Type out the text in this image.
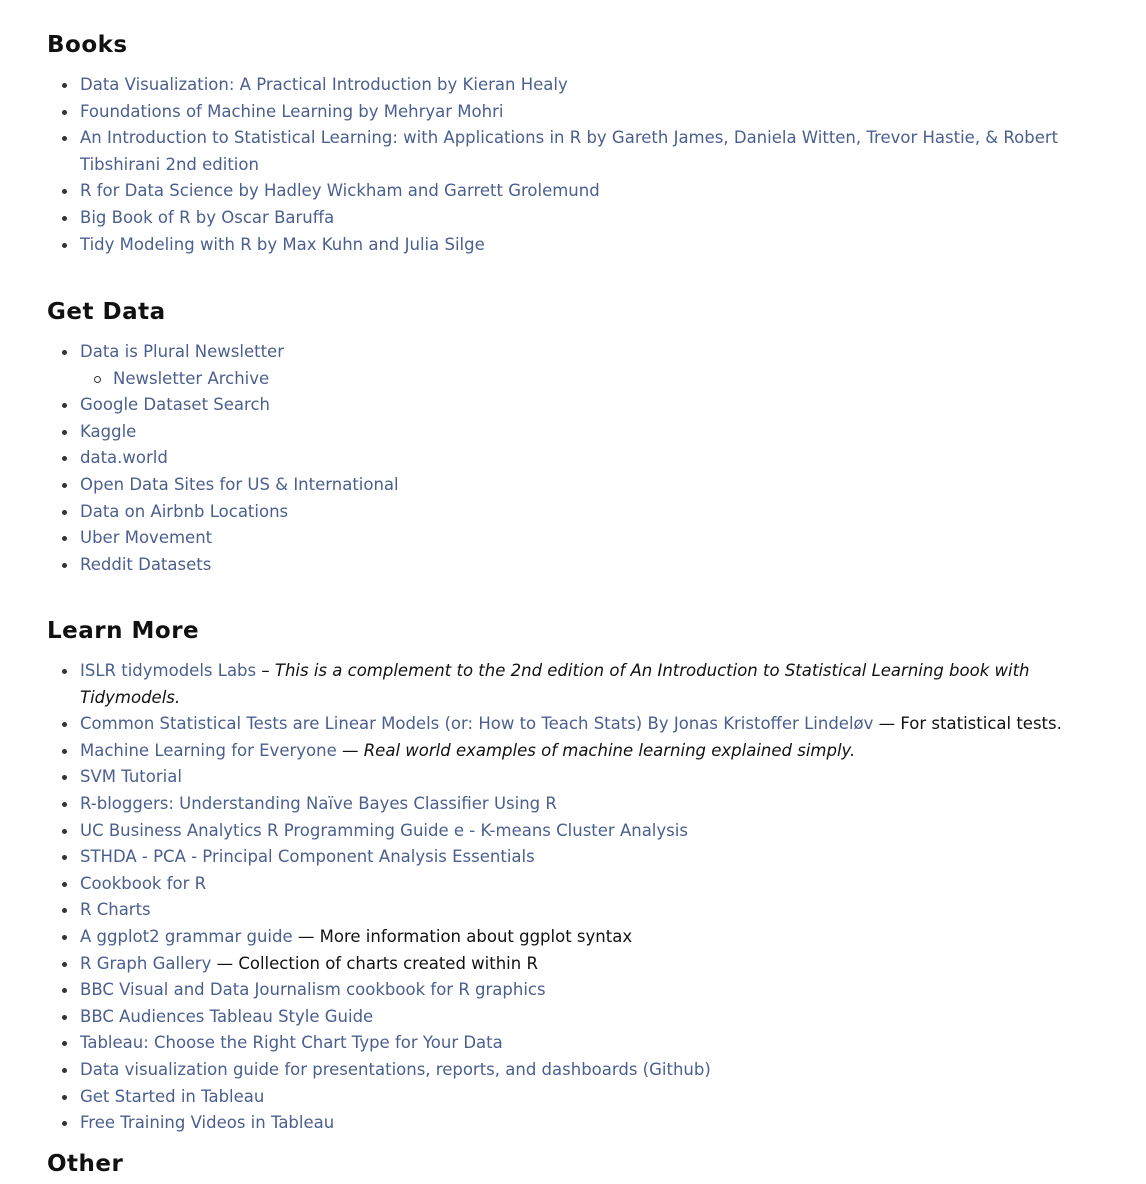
Books
Data Visualization: A Practical Introduction by Kieran Healy
Foundations of Machine Learning by Mehryar Mohri
An Introduction to Statistical Learning: with Applications in R by Gareth James, Daniela Witten, Trevor Hastie, & Robert Tibshirani 2nd edition
R for Data Science by Hadley Wickham and Garrett Grolemund
Big Book of R by Oscar Baruffa
Tidy Modeling with R by Max Kuhn and Julia Silge
Get Data
Data is Plural Newsletter
Newsletter Archive
Google Dataset Search
Kaggle
data.world
Open Data Sites for US & International
Data on Airbnb Locations
Uber Movement
Reddit Datasets
Learn More
ISLR tidymodels Labs – This is a complement to the 2nd edition of An Introduction to Statistical Learning book with Tidymodels.
Common Statistical Tests are Linear Models (or: How to Teach Stats) By Jonas Kristoffer Lindeløv — For statistical tests.
Machine Learning for Everyone — Real world examples of machine learning explained simply.
SVM Tutorial
R-bloggers: Understanding Naïve Bayes Classifier Using R
UC Business Analytics R Programming Guide e - K-means Cluster Analysis
STHDA - PCA - Principal Component Analysis Essentials
Cookbook for R
R Charts
A ggplot2 grammar guide — More information about ggplot syntax
R Graph Gallery — Collection of charts created within R
BBC Visual and Data Journalism cookbook for R graphics
BBC Audiences Tableau Style Guide
Tableau: Choose the Right Chart Type for Your Data
Data visualization guide for presentations, reports, and dashboards (Github)
Get Started in Tableau
Free Training Videos in Tableau
Other
